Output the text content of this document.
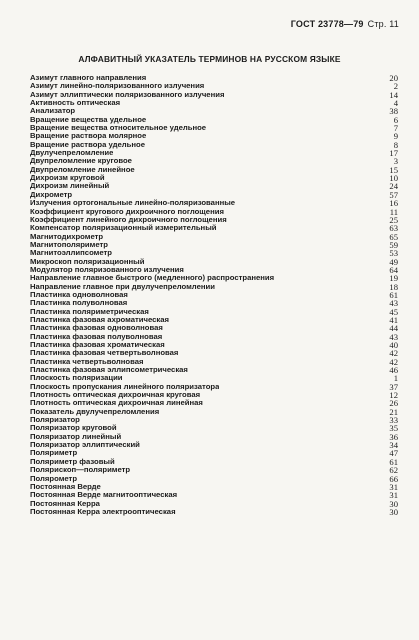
ГОСТ 23778—79 Стр. 11
АЛФАВИТНЫЙ УКАЗАТЕЛЬ ТЕРМИНОВ НА РУССКОМ ЯЗЫКЕ
Азимут главного направления	20
Азимут линейно-поляризованного излучения	2
Азимут эллиптически поляризованного излучения	14
Активность оптическая	4
Анализатор	38
Вращение вещества удельное	6
Вращение вещества относительное удельное	7
Вращение раствора молярное	9
Вращение раствора удельное	8
Двулучепреломление	17
Двупреломление круговое	3
Двупреломление линейное	15
Дихроизм круговой	10
Дихроизм линейный	24
Дихрометр	57
Излучения ортогональные линейно-поляризованные	16
Коэффициент кругового дихроичного поглощения	11
Коэффициент линейного дихроичного поглощения	25
Компенсатор поляризационный измерительный	63
Магнитодихрометр	65
Магнитополяриметр	59
Магнитоэллипсометр	53
Микроскоп поляризационный	49
Модулятор поляризованного излучения	64
Направление главное быстрого (медленного) распространения	19
Направление главное при двулучепреломлении	18
Пластинка одноволновая	61
Пластинка полуволновая	43
Пластинка поляриметрическая	45
Пластинка фазовая ахроматическая	41
Пластинка фазовая одноволновая	44
Пластинка фазовая полуволновая	43
Пластинка фазовая хроматическая	40
Пластинка фазовая четвертьволновая	42
Пластинка четвертьволновая	42
Пластинка фазовая эллипсометрическая	46
Плоскость поляризации	1
Плоскость пропускания линейного поляризатора	37
Плотность оптическая дихроичная круговая	12
Плотность оптическая дихроичная линейная	26
Показатель двулучепреломления	21
Поляризатор	33
Поляризатор круговой	35
Поляризатор линейный	36
Поляризатор эллиптический	34
Поляриметр	47
Поляриметр фазовый	61
Полярископ—поляриметр	62
Полярометр	66
Постоянная Верде	31
Постоянная Верде магнитооптическая	31
Постоянная Керра	30
Постоянная Керра электрооптическая	30
